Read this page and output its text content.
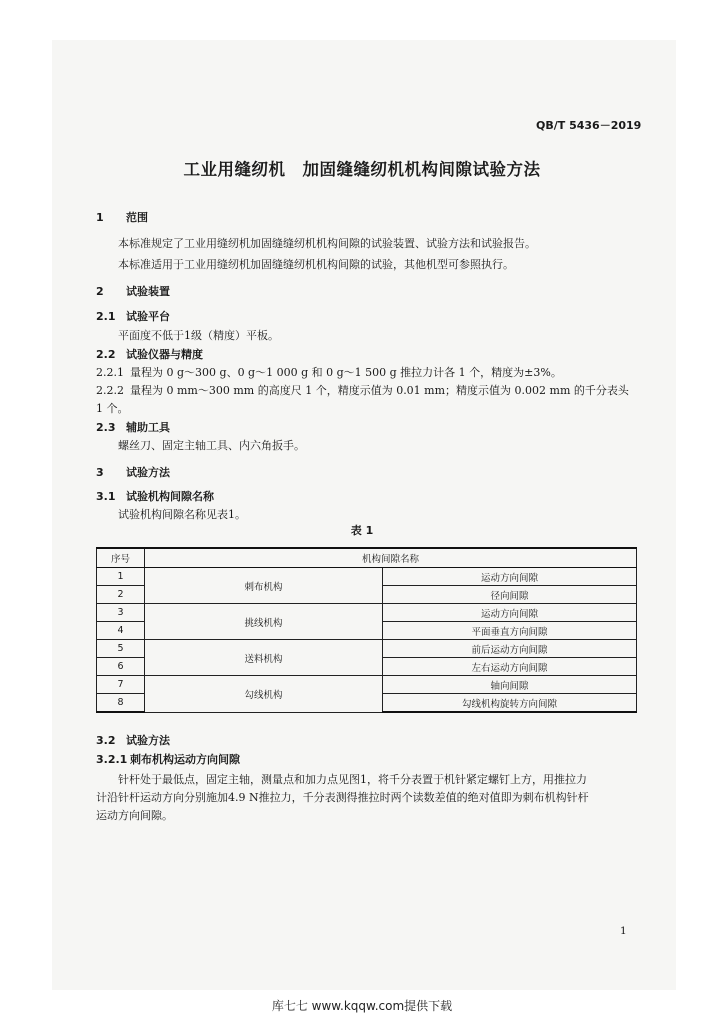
QB/T 5436－2019
工业用缝纫机　加固缝缝纫机机构间隙试验方法
1 范围
本标准规定了工业用缝纫机加固缝缝纫机机构间隙的试验装置、试验方法和试验报告。
本标准适用于工业用缝纫机加固缝缝纫机机构间隙的试验，其他机型可参照执行。
2 试验装置
2.1 试验平台
平面度不低于1级（精度）平板。
2.2 试验仪器与精度
2.2.1 量程为 0 g～300 g、0 g～1 000 g 和 0 g～1 500 g 推拉力计各 1 个，精度为±3%。
2.2.2 量程为 0 mm～300 mm 的高度尺 1 个，精度示值为 0.01 mm；精度示值为 0.002 mm 的千分表头
1 个。
2.3 辅助工具
螺丝刀、固定主轴工具、内六角扳手。
3 试验方法
3.1 试验机构间隙名称
试验机构间隙名称见表1。
表 1
序号	机构间隙名称	
1	刺布机构	运动方向间隙
2		径向间隙
3	挑线机构	运动方向间隙
4		平面垂直方向间隙
5	送料机构	前后运动方向间隙
6		左右运动方向间隙
7	勾线机构	轴向间隙
8		勾线机构旋转方向间隙
3.2 试验方法
3.2.1 刺布机构运动方向间隙
针杆处于最低点，固定主轴，测量点和加力点见图1，将千分表置于机针紧定螺钉上方，用推拉力
计沿针杆运动方向分别施加4.9 N推拉力，千分表测得推拉时两个读数差值的绝对值即为刺布机构针杆
运动方向间隙。
1
库七七 www.kqqw.com提供下载
